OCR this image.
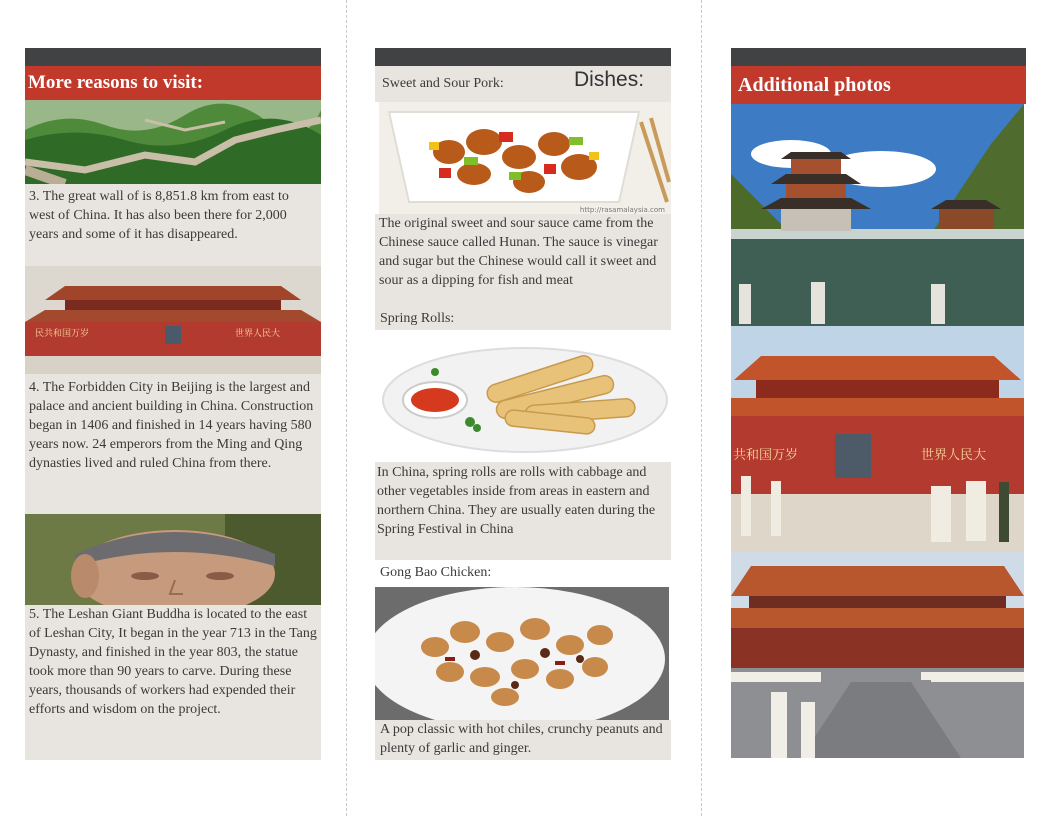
More reasons to visit:
3. The great wall of is 8,851.8 km from east to west of China. It has also been there for 2,000 years and some of it has disappeared.
民共和国万岁	世界人民大
4. The Forbidden City in Beijing is the largest and palace and ancient building in China. Construction began in 1406 and finished in 14 years having 580 years now. 24 emperors from the Ming and Qing dynasties lived and ruled China from there.
5. The Leshan Giant Buddha is located to the east of Leshan City, It began in the year 713 in the Tang Dynasty, and finished in the year 803, the statue took more than 90 years to carve. During these years, thousands of workers had expended their efforts and wisdom on the project.
Sweet and Sour Pork:	Dishes:
http://rasamalaysia.com
The original sweet and sour sauce came from the Chinese sauce called Hunan. The sauce is vinegar and sugar but the Chinese would call it sweet and sour as a dipping for fish and meat
Spring Rolls:
In China, spring rolls are rolls with cabbage and other vegetables inside from areas in eastern and northern China. They are usually eaten during the Spring Festival in China
Gong Bao Chicken:
A pop classic with hot chiles, crunchy peanuts and plenty of garlic and ginger.
Additional photos
共和国万岁	世界人民大
